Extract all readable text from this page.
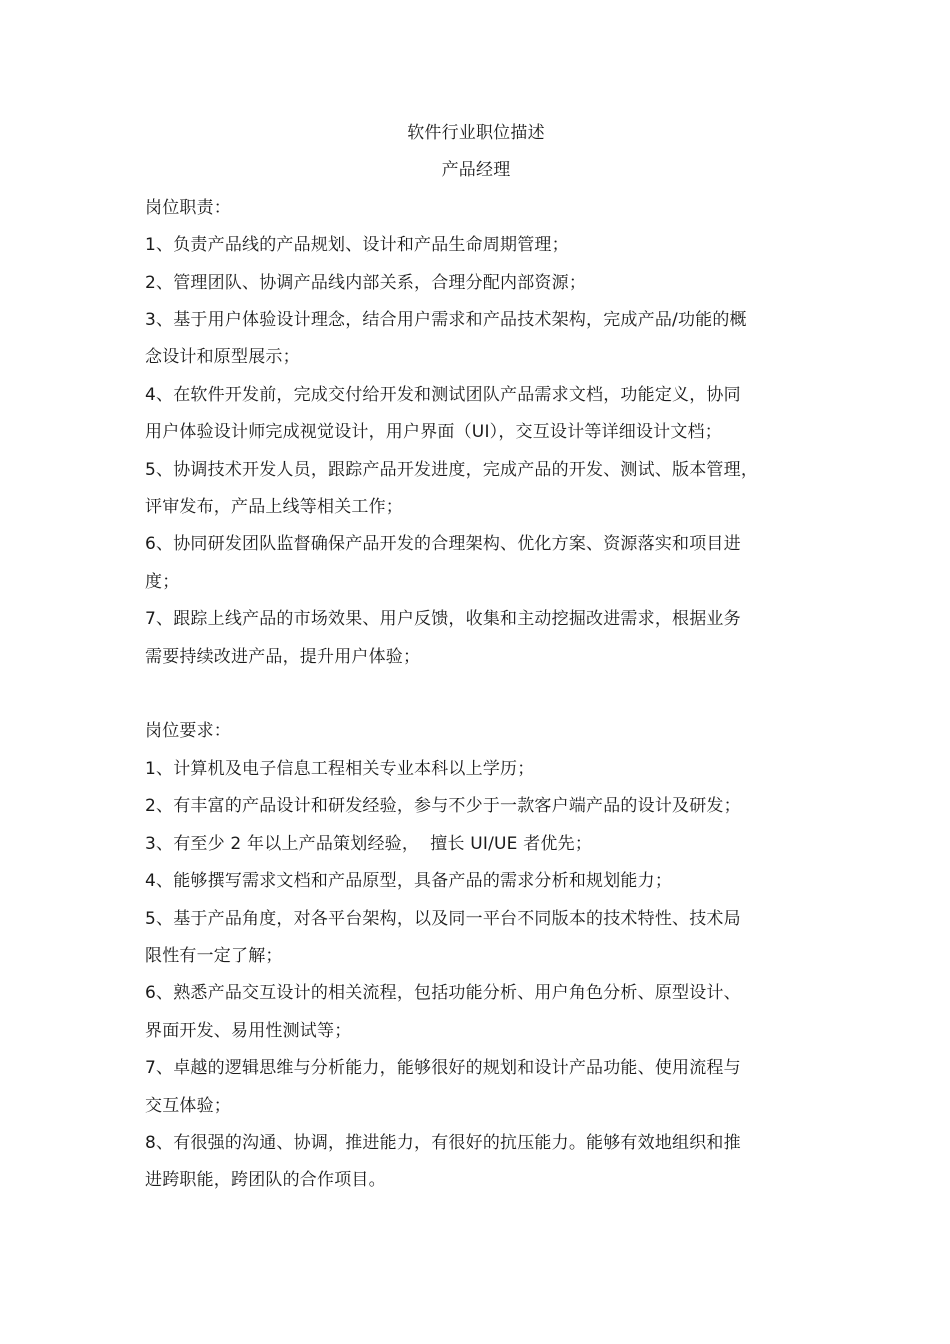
软件行业职位描述

产品经理

岗位职责：

1、负责产品线的产品规划、设计和产品生命周期管理；

2、管理团队、协调产品线内部关系，合理分配内部资源；

3、基于用户体验设计理念，结合用户需求和产品技术架构，完成产品/功能的概

念设计和原型展示；

4、在软件开发前，完成交付给开发和测试团队产品需求文档，功能定义，协同

用户体验设计师完成视觉设计，用户界面（UI），交互设计等详细设计文档；

5、协调技术开发人员，跟踪产品开发进度，完成产品的开发、测试、版本管理，

评审发布，产品上线等相关工作；

6、协同研发团队监督确保产品开发的合理架构、优化方案、资源落实和项目进

度；

7、跟踪上线产品的市场效果、用户反馈，收集和主动挖掘改进需求，根据业务

需要持续改进产品，提升用户体验；

岗位要求：

1、计算机及电子信息工程相关专业本科以上学历；

2、有丰富的产品设计和研发经验，参与不少于一款客户端产品的设计及研发；

3、有至少 2 年以上产品策划经验，  擅长 UI/UE 者优先；

4、能够撰写需求文档和产品原型，具备产品的需求分析和规划能力；

5、基于产品角度，对各平台架构，以及同一平台不同版本的技术特性、技术局

限性有一定了解；

6、熟悉产品交互设计的相关流程，包括功能分析、用户角色分析、原型设计、

界面开发、易用性测试等；

7、卓越的逻辑思维与分析能力，能够很好的规划和设计产品功能、使用流程与

交互体验；

8、有很强的沟通、协调，推进能力，有很好的抗压能力。能够有效地组织和推

进跨职能，跨团队的合作项目。
